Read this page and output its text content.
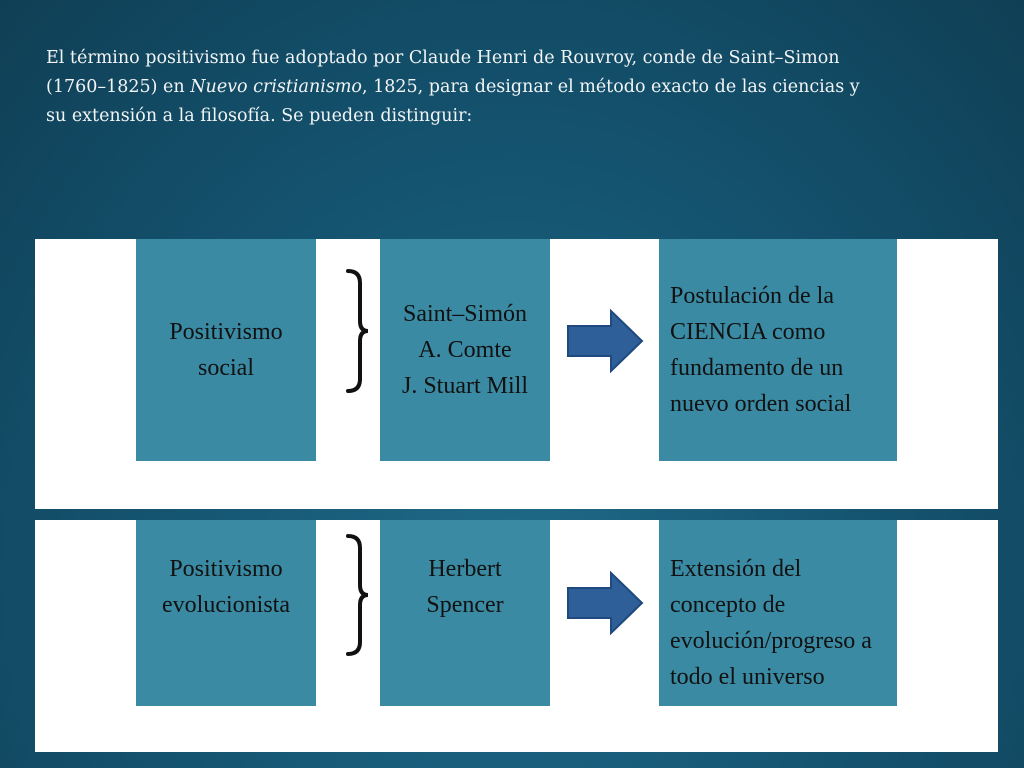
El término positivismo fue adoptado por Claude Henri de Rouvroy, conde de Saint–Simon (1760–1825) en Nuevo cristianismo, 1825, para designar el método exacto de las ciencias y su extensión a la filosofía. Se pueden distinguir:

Positivismo
social
Saint–Simón
A. Comte
J. Stuart Mill
Postulación de la
CIENCIA como
fundamento de un
nuevo orden social
Positivismo
evolucionista
Herbert
Spencer
Extensión del
concepto de
evolución/progreso a
todo el universo
